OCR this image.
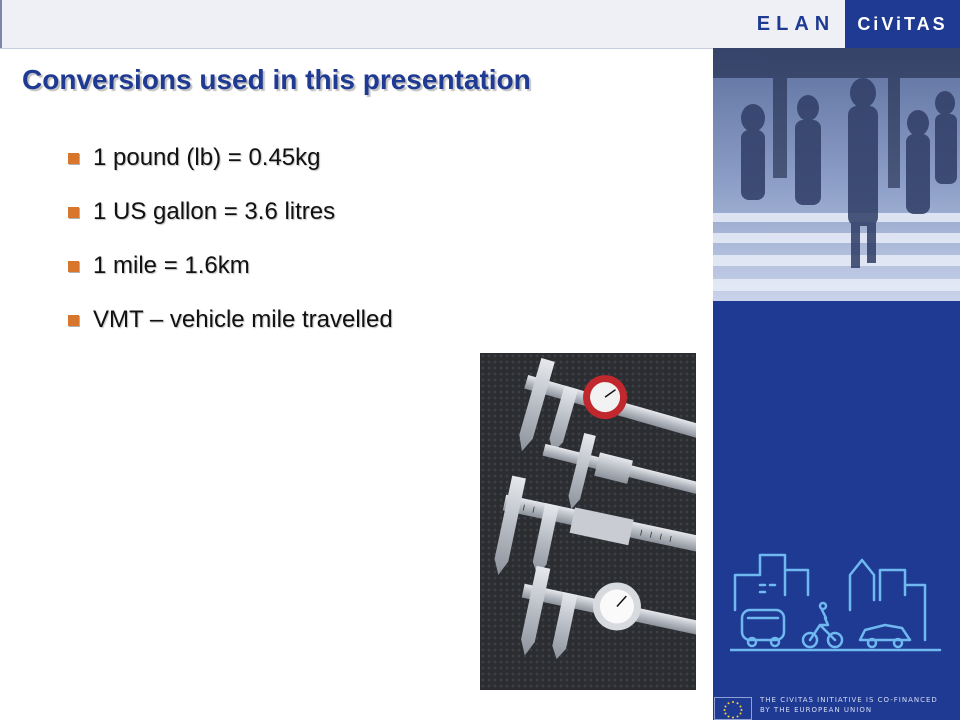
ELAN CiViTAS
Conversions used in this presentation
1 pound (lb) = 0.45kg
1 US gallon = 3.6 litres
1 mile = 1.6km
VMT – vehicle mile travelled
THE CIVITAS INITIATIVE IS CO-FINANCED
BY THE EUROPEAN UNION
